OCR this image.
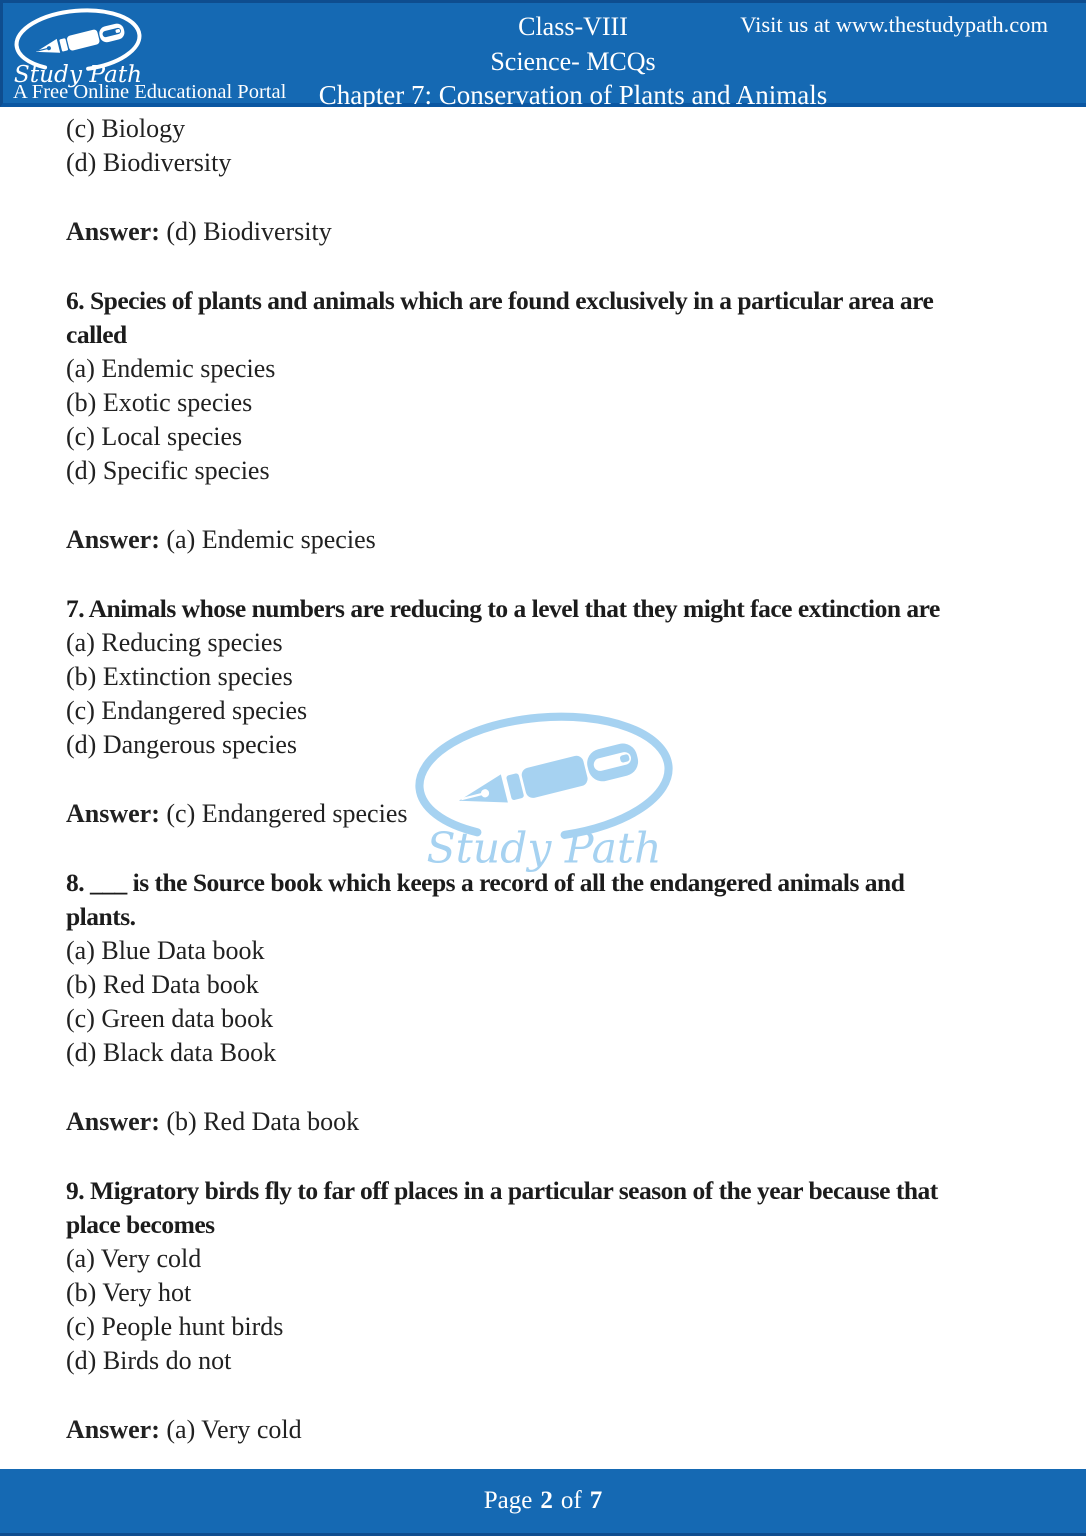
Study Path
A Free Online Educational Portal
Class-VIII
Science- MCQs
Chapter 7: Conservation of Plants and Animals
Visit us at www.thestudypath.com
Study Path
(c) Biology
(d) Biodiversity
Answer: (d) Biodiversity
6. Species of plants and animals which are found exclusively in a particular area are
called
(a) Endemic species
(b) Exotic species
(c) Local species
(d) Specific species
Answer: (a) Endemic species
7. Animals whose numbers are reducing to a level that they might face extinction are
(a) Reducing species
(b) Extinction species
(c) Endangered species
(d) Dangerous species
Answer: (c) Endangered species
8. ___ is the Source book which keeps a record of all the endangered animals and
plants.
(a) Blue Data book
(b) Red Data book
(c) Green data book
(d) Black data Book
Answer: (b) Red Data book
9. Migratory birds fly to far off places in a particular season of the year because that
place becomes
(a) Very cold
(b) Very hot
(c) People hunt birds
(d) Birds do not
Answer: (a) Very cold
Page 2 of 7
